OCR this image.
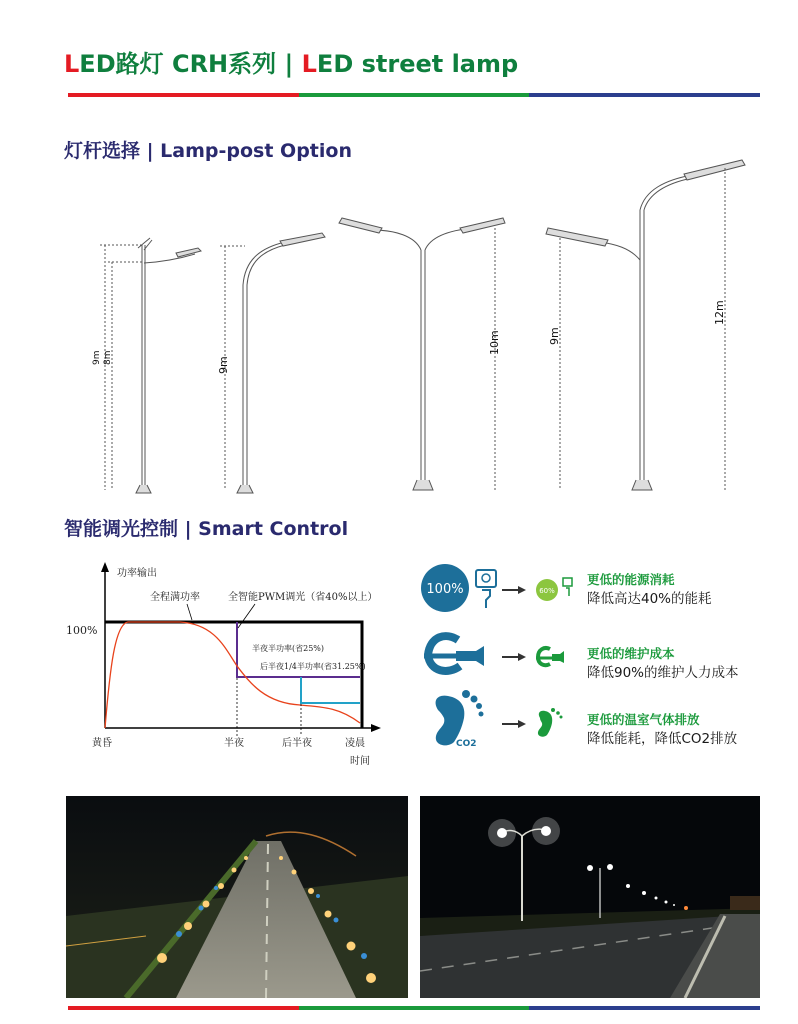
LED路灯 CRH系列 | LED street lamp
灯杆选择 | Lamp-post Option
9m 8m	9m
10m	9m
12m
智能调光控制 | Smart Control
功率输出
100%
全程满功率	全智能PWM调光（省40%以上）
半夜半功率(省25%)
后半夜1/4半功率(省31.25%)
黄昏	半夜	后半夜	凌晨
时间
100%	60%
CO2
更低的能源消耗
降低高达40%的能耗
更低的维护成本
降低90%的维护人力成本
更低的温室气体排放
降低能耗，降低CO2排放
